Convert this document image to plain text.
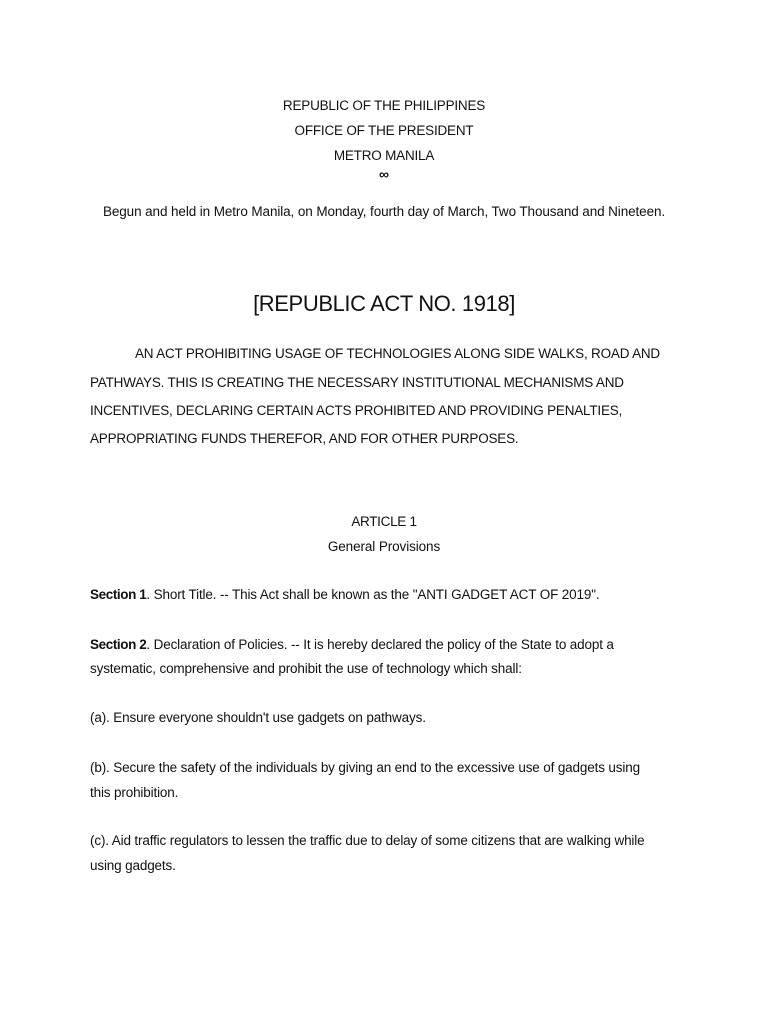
REPUBLIC OF THE PHILIPPINES
OFFICE OF THE PRESIDENT
METRO MANILA
∞
Begun and held in Metro Manila, on Monday, fourth day of March, Two Thousand and Nineteen.
[REPUBLIC ACT NO. 1918]
AN ACT PROHIBITING USAGE OF TECHNOLOGIES ALONG SIDE WALKS, ROAD AND
PATHWAYS. THIS IS CREATING THE NECESSARY INSTITUTIONAL MECHANISMS AND
INCENTIVES, DECLARING CERTAIN ACTS PROHIBITED AND PROVIDING PENALTIES,
APPROPRIATING FUNDS THEREFOR, AND FOR OTHER PURPOSES.
ARTICLE 1
General Provisions
Section 1. Short Title. -- This Act shall be known as the "ANTI GADGET ACT OF 2019".
Section 2. Declaration of Policies. -- It is hereby declared the policy of the State to adopt a
systematic, comprehensive and prohibit the use of technology which shall:
(a). Ensure everyone shouldn't use gadgets on pathways.
(b). Secure the safety of the individuals by giving an end to the excessive use of gadgets using
this prohibition.
(c). Aid traffic regulators to lessen the traffic due to delay of some citizens that are walking while
using gadgets.
